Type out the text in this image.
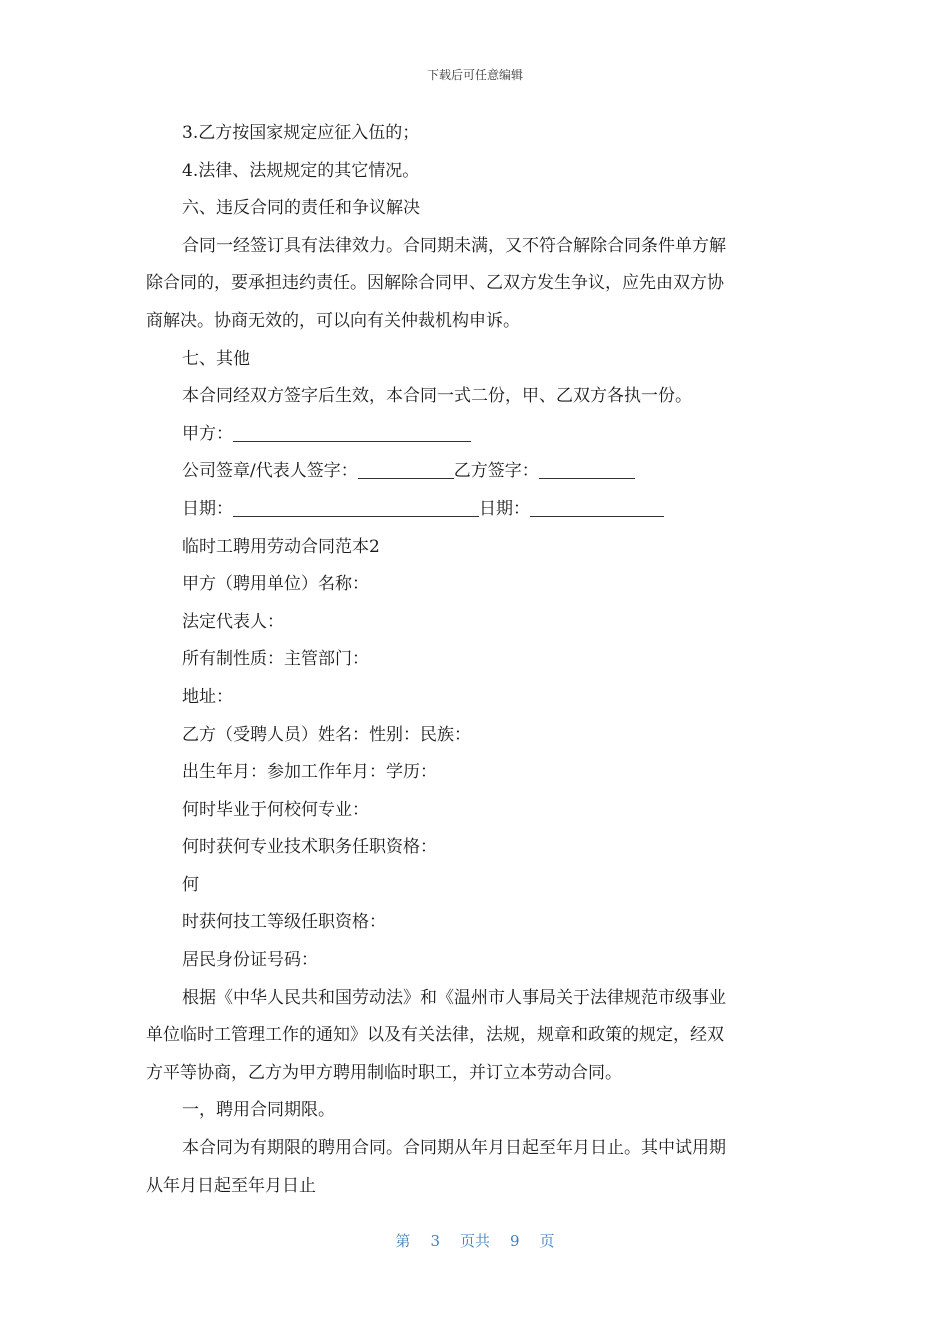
下载后可任意编辑
3.乙方按国家规定应征入伍的；
4.法律、法规规定的其它情况。
六、违反合同的责任和争议解决
合同一经签订具有法律效力。合同期未满，又不符合解除合同条件单方解
除合同的，要承担违约责任。因解除合同甲、乙双方发生争议，应先由双方协
商解决。协商无效的，可以向有关仲裁机构申诉。
七、其他
本合同经双方签字后生效，本合同一式二份，甲、乙双方各执一份。
甲方：
公司签章/代表人签字：	乙方签字：
日期：	日期：
临时工聘用劳动合同范本2
甲方（聘用单位）名称：
法定代表人：
所有制性质：主管部门：
地址：
乙方（受聘人员）姓名：性别：民族：
出生年月：参加工作年月：学历：
何时毕业于何校何专业：
何时获何专业技术职务任职资格：
何
时获何技工等级任职资格：
居民身份证号码：
根据《中华人民共和国劳动法》和《温州市人事局关于法律规范市级事业
单位临时工管理工作的通知》以及有关法律，法规，规章和政策的规定，经双
方平等协商，乙方为甲方聘用制临时职工，并订立本劳动合同。
一，聘用合同期限。
本合同为有期限的聘用合同。合同期从年月日起至年月日止。其中试用期
从年月日起至年月日止
第 3 页共 9 页
